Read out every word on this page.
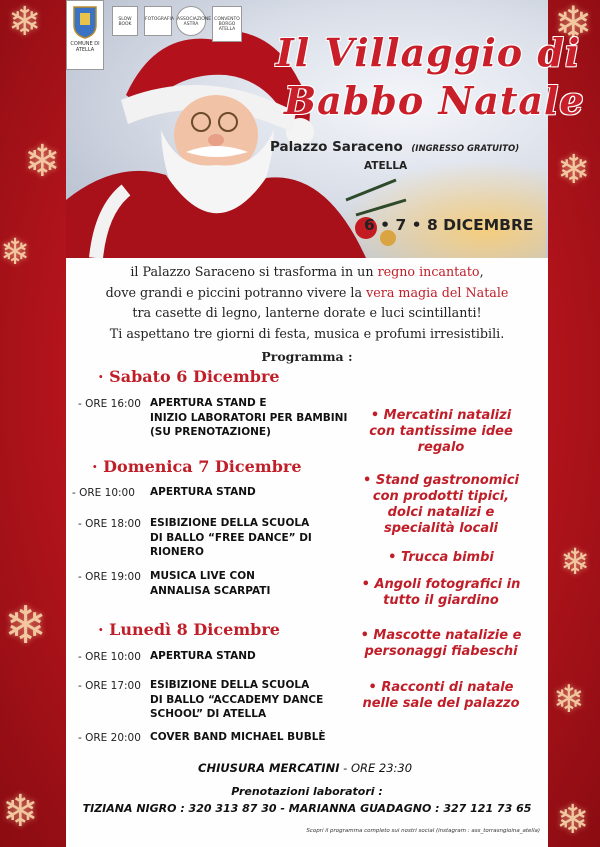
❄
❄
❄
❄
❄
❄
❄
❄
❄
❄
COMUNE DI ATELLA
SLOW BOOK
FOTOGRAFIA ASSOCIAZIONE ASTRA
CONVENTO BORGO ATELLA
Il Villaggio di
Babbo Natale
Palazzo Saraceno (INGRESSO GRATUITO)
ATELLA
6 • 7 • 8 DICEMBRE
il Palazzo Saraceno si trasforma in un regno incantato,
dove grandi e piccini potranno vivere la vera magia del Natale
tra casette di legno, lanterne dorate e luci scintillanti!
Ti aspettano tre giorni di festa, musica e profumi irresistibili.
Programma :
· Sabato 6 Dicembre
- ORE 16:00 APERTURA STAND E
INIZIO LABORATORI PER BAMBINI
(SU PRENOTAZIONE)
· Domenica 7 Dicembre
- ORE 10:00 APERTURA STAND
- ORE 18:00 ESIBIZIONE DELLA SCUOLA
DI BALLO “FREE DANCE” DI
RIONERO
- ORE 19:00 MUSICA LIVE CON
ANNALISA SCARPATI
· Lunedì 8 Dicembre
- ORE 10:00 APERTURA STAND
- ORE 17:00 ESIBIZIONE DELLA SCUOLA
DI BALLO “ACCADEMY DANCE
SCHOOL” DI ATELLA
- ORE 20:00 COVER BAND MICHAEL BUBLÈ
• Mercatini natalizi
con tantissime idee
regalo
• Stand gastronomici
con prodotti tipici,
dolci natalizi e
specialità locali
• Trucca bimbi
• Angoli fotografici in
tutto il giardino
• Mascotte natalizie e
personaggi fiabeschi
• Racconti di natale
nelle sale del palazzo
CHIUSURA MERCATINI - ORE 23:30
Prenotazioni laboratori :
TIZIANA NIGRO : 320 313 87 30 - MARIANNA GUADAGNO : 327 121 73 65
Scopri il programma completo sui nostri social (instagram : ass_torrasngioina_atella)
